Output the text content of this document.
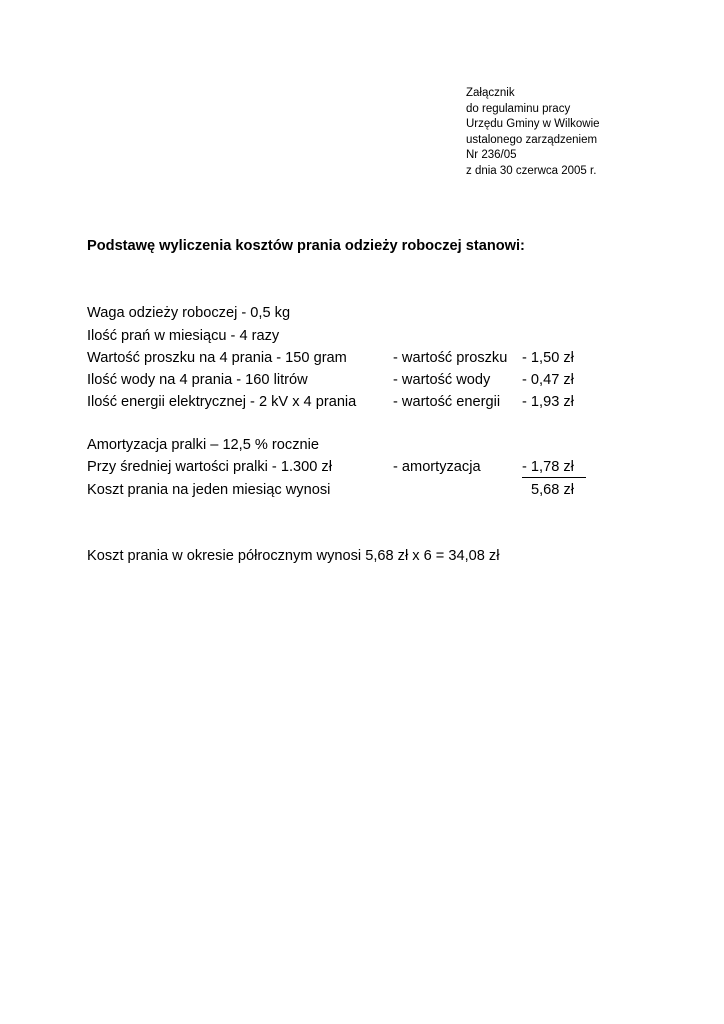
Załącznik
do regulaminu pracy
Urzędu Gminy w Wilkowie
ustalonego zarządzeniem
Nr 236/05
z dnia 30 czerwca 2005 r.
Podstawę wyliczenia kosztów prania odzieży roboczej stanowi:
Waga odzieży roboczej - 0,5 kg
Ilość prań w miesiącu - 4 razy
Wartość proszku na 4 prania - 150 gram	- wartość proszku - 1,50 zł
Ilość wody na 4 prania - 160 litrów	- wartość wody - 0,47 zł
Ilość energii elektrycznej - 2 kV x 4 prania	- wartość energii - 1,93 zł
Amortyzacja pralki – 12,5 % rocznie
Przy średniej wartości pralki - 1.300 zł	- amortyzacja	- 1,78 zł
Koszt prania na jeden miesiąc wynosi	5,68 zł
Koszt prania w okresie półrocznym wynosi 5,68 zł x 6 = 34,08 zł
